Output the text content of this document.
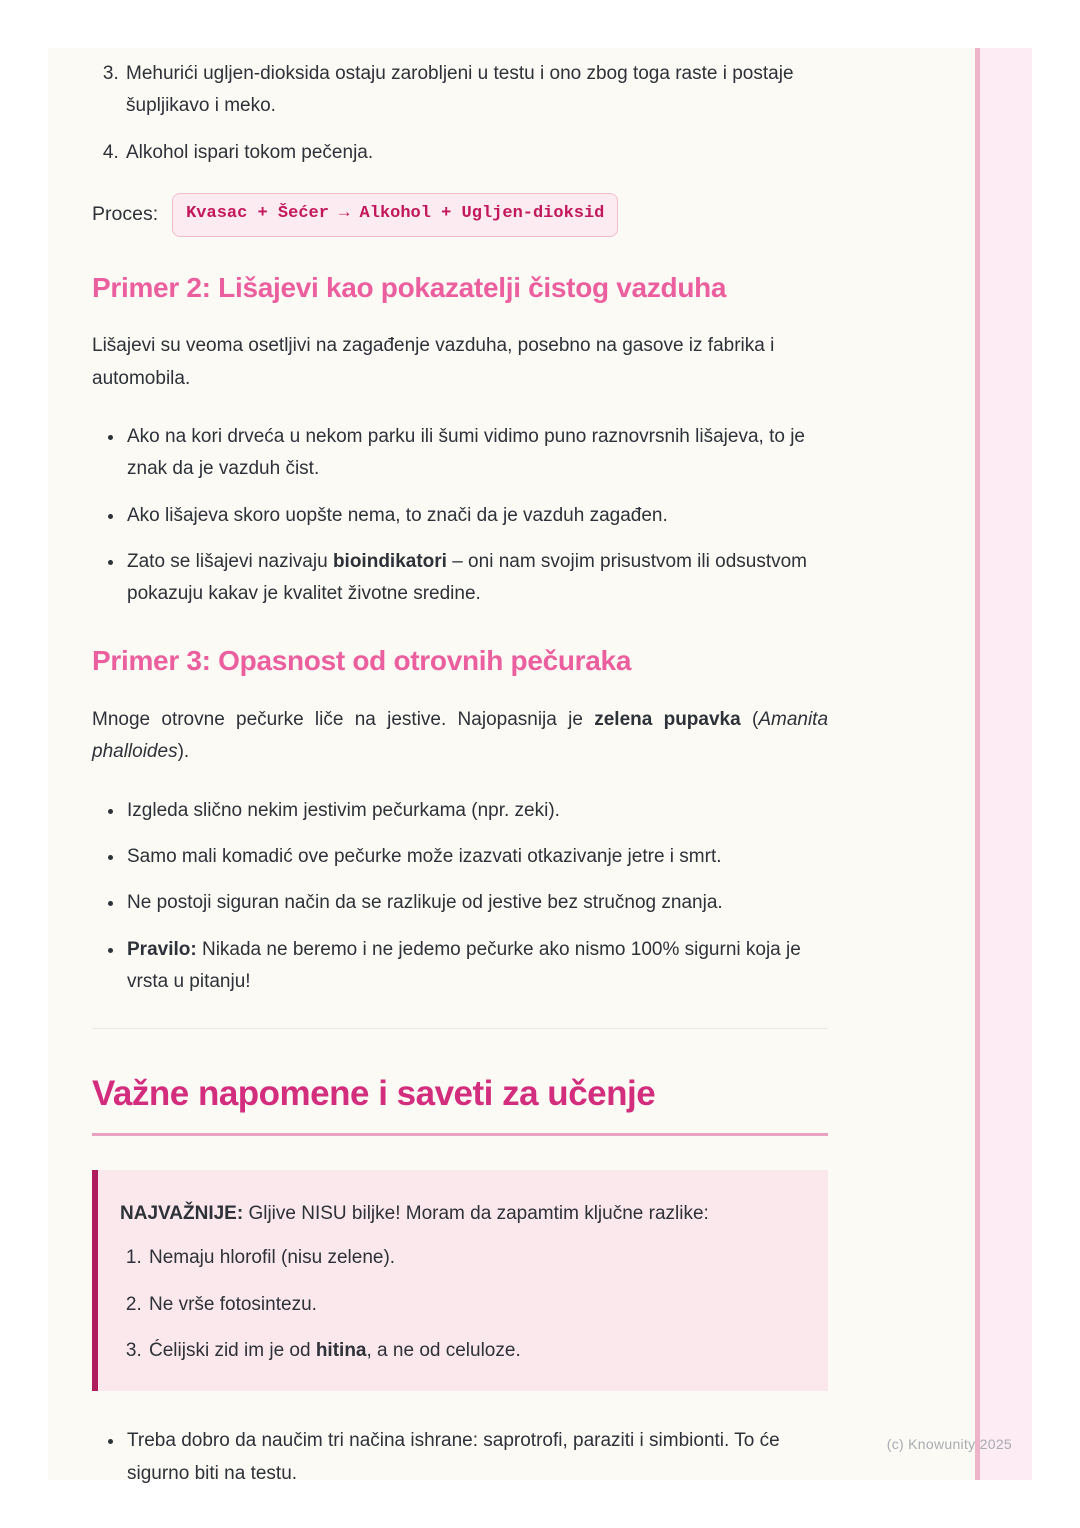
3. Mehurići ugljen-dioksida ostaju zarobljeni u testu i ono zbog toga raste i postaje šupljikavo i meko.
4. Alkohol ispari tokom pečenja.
Proces:	Kvasac + Šećer → Alkohol + Ugljen-dioksid
Primer 2: Lišajevi kao pokazatelji čistog vazduha

Lišajevi su veoma osetljivi na zagađenje vazduha, posebno na gasove iz fabrika i automobila.

• Ako na kori drveća u nekom parku ili šumi vidimo puno raznovrsnih lišajeva, to je znak da je vazduh čist.
• Ako lišajeva skoro uopšte nema, to znači da je vazduh zagađen.
• Zato se lišajevi nazivaju bioindikatori – oni nam svojim prisustvom ili odsustvom pokazuju kakav je kvalitet životne sredine.
Primer 3: Opasnost od otrovnih pečuraka

Mnoge otrovne pečurke liče na jestive. Najopasnija je zelena pupavka (Amanita phalloides).

• Izgleda slično nekim jestivim pečurkama (npr. zeki).
• Samo mali komadić ove pečurke može izazvati otkazivanje jetre i smrt.
• Ne postoji siguran način da se razlikuje od jestive bez stručnog znanja.
• Pravilo: Nikada ne beremo i ne jedemo pečurke ako nismo 100% sigurni koja je vrsta u pitanju!
Važne napomene i saveti za učenje

NAJVAŽNIJE: Gljive NISU biljke! Moram da zapamtim ključne razlike:

1. Nemaju hlorofil (nisu zelene).
2. Ne vrše fotosintezu.
3. Ćelijski zid im je od hitina, a ne od celuloze.
• Treba dobro da naučim tri načina ishrane: saprotrofi, paraziti i simbionti. To će sigurno biti na testu.
(c) Knowunity 2025
